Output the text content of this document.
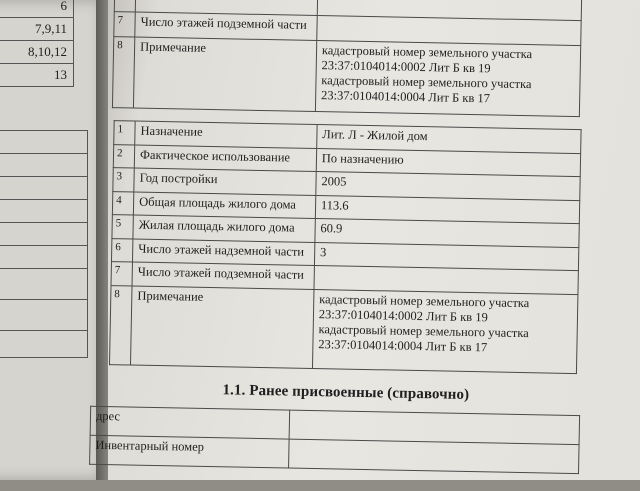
6
7,9,11
8,10,12
13

7	Число этажей подземной части	
8	Примечание	кадастровый номер земельного участка
23:37:0104014:0002 Лит Б кв 19
кадастровый номер земельного участка
23:37:0104014:0004 Лит Б кв 17
1	Назначение	Лит. Л - Жилой дом
2	Фактическое использование	По назначению
3	Год постройки	2005
4	Общая площадь жилого дома	113.6
5	Жилая площадь жилого дома	60.9
6	Число этажей надземной части	3
7	Число этажей подземной части	
8	Примечание	кадастровый номер земельного участка
23:37:0104014:0002 Лит Б кв 19
кадастровый номер земельного участка
23:37:0104014:0004 Лит Б кв 17
1.1. Ранее присвоенные (справочно)
дрес	
Инвентарный номер	
